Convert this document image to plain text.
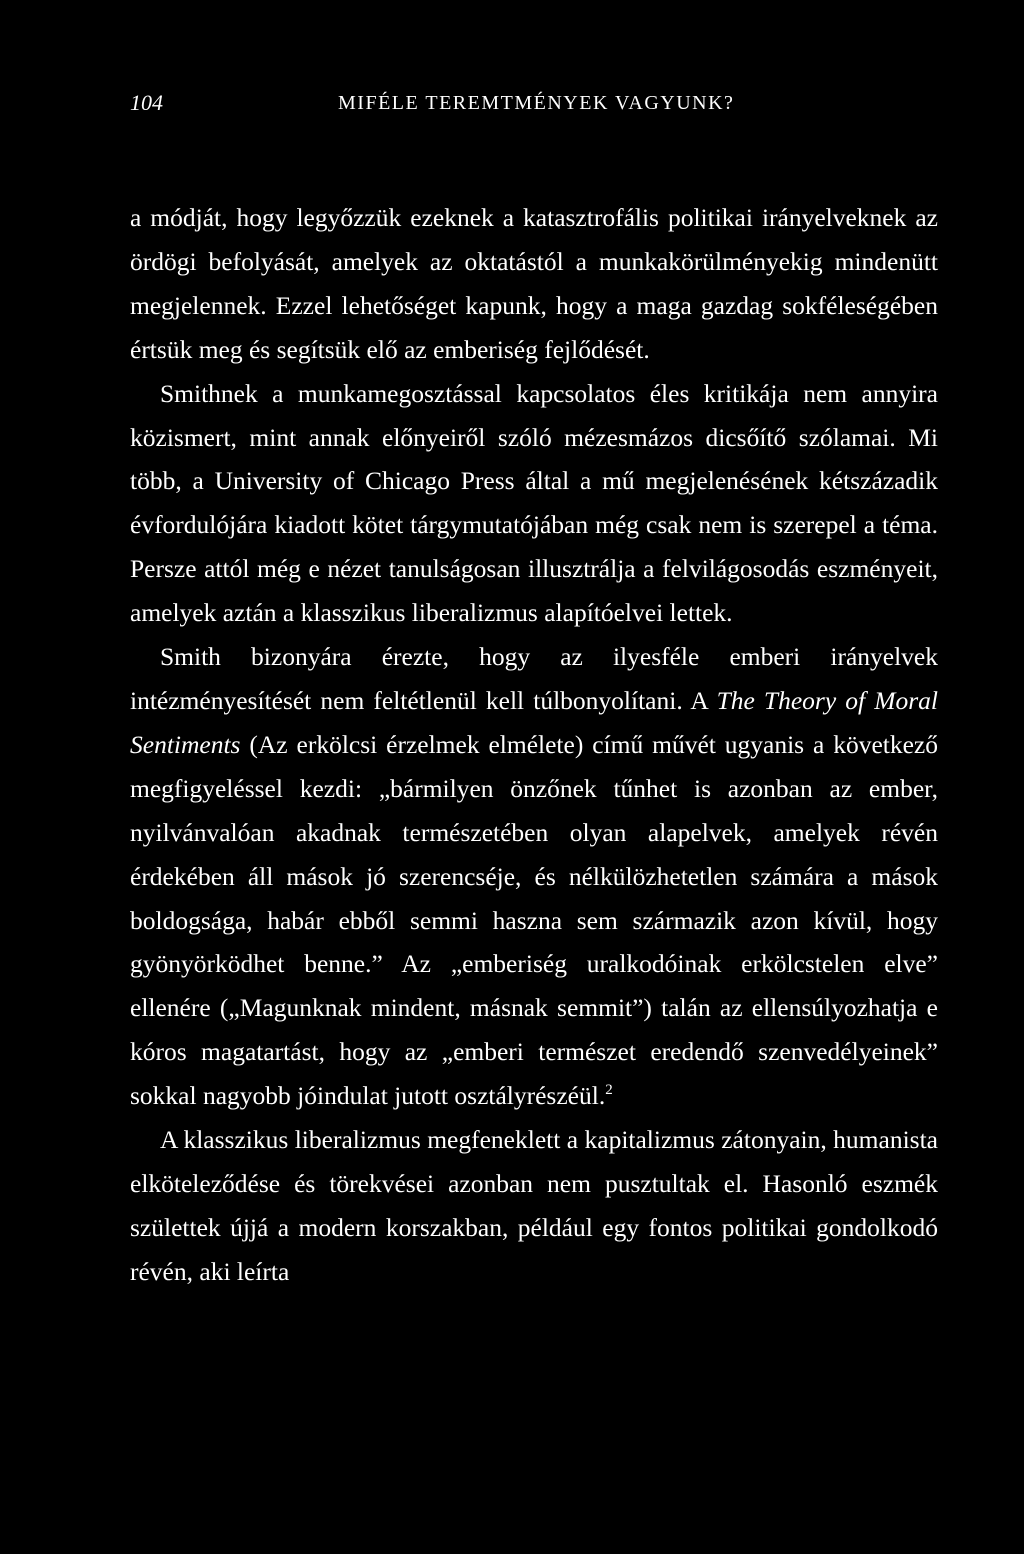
104	MIFÉLE TEREMTMÉNYEK VAGYUNK?

a módját, hogy legyőzzük ezeknek a katasztrofális politikai irányelveknek az ördögi befolyását, amelyek az oktatástól a munkakörülményekig mindenütt megjelennek. Ezzel lehetőséget kapunk, hogy a maga gazdag sokféleségében értsük meg és segítsük elő az emberiség fejlődését.

Smithnek a munkamegosztással kapcsolatos éles kritikája nem annyira közismert, mint annak előnyeiről szóló mézesmázos dicsőítő szólamai. Mi több, a University of Chicago Press által a mű megjelenésének kétszázadik évfordulójára kiadott kötet tárgymutatójában még csak nem is szerepel a téma. Persze attól még e nézet tanulságosan illusztrálja a felvilágosodás eszményeit, amelyek aztán a klasszikus liberalizmus alapítóelvei lettek.

Smith bizonyára érezte, hogy az ilyesféle emberi irányelvek intézményesítését nem feltétlenül kell túlbonyolítani. A The Theory of Moral Sentiments (Az erkölcsi érzelmek elmélete) című művét ugyanis a következő megfigyeléssel kezdi: „bármilyen önzőnek tűnhet is azonban az ember, nyilvánvalóan akadnak természetében olyan alapelvek, amelyek révén érdekében áll mások jó szerencséje, és nélkülözhetetlen számára a mások boldogsága, habár ebből semmi haszna sem származik azon kívül, hogy gyönyörködhet benne.” Az „emberiség uralkodóinak erkölcstelen elve” ellenére („Magunknak mindent, másnak semmit”) talán az ellensúlyozhatja e kóros magatartást, hogy az „emberi természet eredendő szenvedélyeinek” sokkal nagyobb jóindulat jutott osztályrészéül.$^2$

A klasszikus liberalizmus megfeneklett a kapitalizmus zátonyain, humanista elköteleződése és törekvései azonban nem pusztultak el. Hasonló eszmék születtek újjá a modern korszakban, például egy fontos politikai gondolkodó révén, aki leírta
